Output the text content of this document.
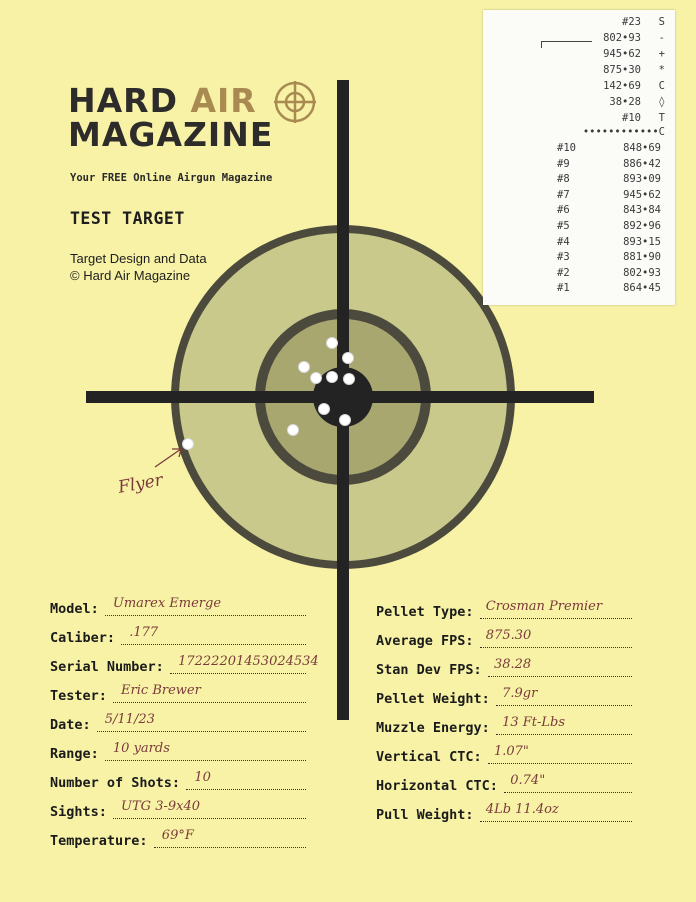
HARD AIR
MAGAZINE
Your FREE Online Airgun Magazine
TEST TARGET
Target Design and Data
© Hard Air Magazine
Flyer
#23 S
802•93 -
945•62 +
875•30 *
142•69 C
38•28 ◊
#10 T
••••••••••••C
#10	848•69
#9	886•42
#8	893•09
#7	945•62
#6	843•84
#5	892•96
#4	893•15
#3	881•90
#2	802•93
#1	864•45
Model: Umarex Emerge
Caliber: .177
Serial Number: 17222201453024534
Tester: Eric Brewer
Date: 5/11/23
Range: 10 yards
Number of Shots: 10
Sights: UTG 3-9x40
Temperature: 69°F
Pellet Type: Crosman Premier
Average FPS: 875.30
Stan Dev FPS: 38.28
Pellet Weight: 7.9gr
Muzzle Energy: 13 Ft-Lbs
Vertical CTC: 1.07"
Horizontal CTC: 0.74"
Pull Weight: 4Lb 11.4oz
